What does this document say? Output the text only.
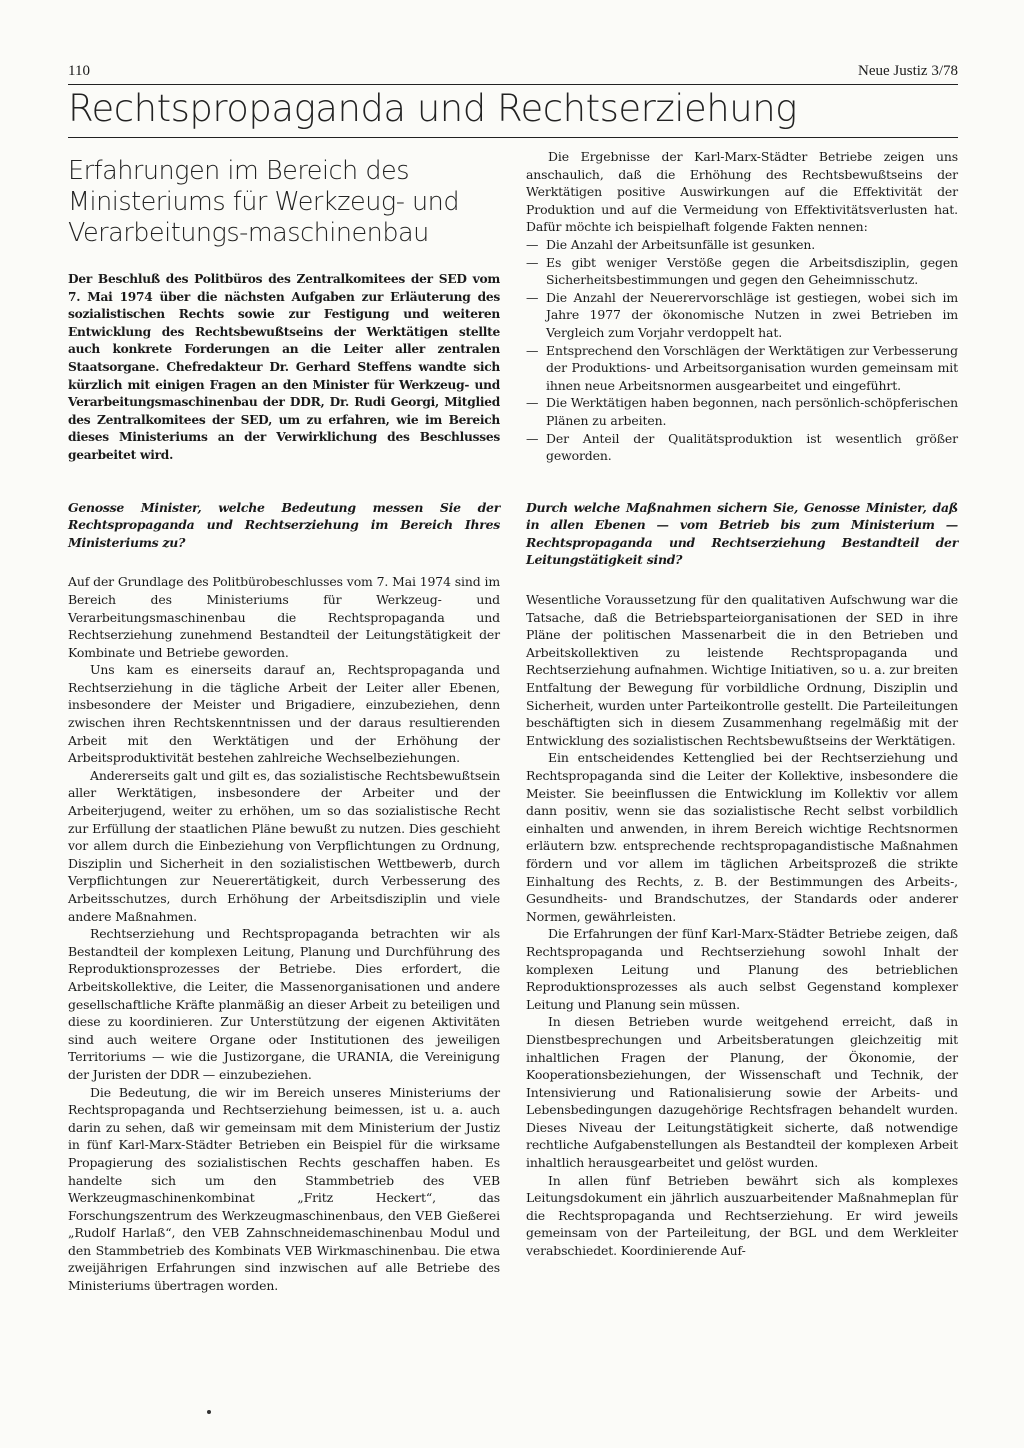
110	Neue Justiz 3/78
Rechtspropaganda und Rechtserziehung
Erfahrungen im Bereich des Ministeriums für Werkzeug- und Verarbeitungs-maschinenbau

Der Beschluß des Politbüros des Zentralkomitees der SED vom 7. Mai 1974 über die nächsten Aufgaben zur Erläuterung des sozialistischen Rechts sowie zur Festigung und weiteren Entwicklung des Rechtsbewußtseins der Werktätigen stellte auch konkrete Forderungen an die Leiter aller zentralen Staatsorgane. Chefredakteur Dr. Gerhard Steffens wandte sich kürzlich mit einigen Fragen an den Minister für Werkzeug- und Verarbeitungsmaschinenbau der DDR, Dr. Rudi Georgi, Mitglied des Zentralkomitees der SED, um zu erfahren, wie im Bereich dieses Ministeriums an der Verwirklichung des Beschlusses gearbeitet wird.

Genosse Minister, welche Bedeutung messen Sie der Rechtspropaganda und Rechtserziehung im Bereich Ihres Ministeriums zu?

Auf der Grundlage des Politbürobeschlusses vom 7. Mai 1974 sind im Bereich des Ministeriums für Werkzeug- und Verarbeitungsmaschinenbau die Rechtspropaganda und Rechtserziehung zunehmend Bestandteil der Leitungstätigkeit der Kombinate und Betriebe geworden.

Uns kam es einerseits darauf an, Rechtspropaganda und Rechtserziehung in die tägliche Arbeit der Leiter aller Ebenen, insbesondere der Meister und Brigadiere, einzubeziehen, denn zwischen ihren Rechtskenntnissen und der daraus resultierenden Arbeit mit den Werktätigen und der Erhöhung der Arbeitsproduktivität bestehen zahlreiche Wechselbeziehungen.

Andererseits galt und gilt es, das sozialistische Rechtsbewußtsein aller Werktätigen, insbesondere der Arbeiter und der Arbeiterjugend, weiter zu erhöhen, um so das sozialistische Recht zur Erfüllung der staatlichen Pläne bewußt zu nutzen. Dies geschieht vor allem durch die Einbeziehung von Verpflichtungen zu Ordnung, Disziplin und Sicherheit in den sozialistischen Wettbewerb, durch Verpflichtungen zur Neuerertätigkeit, durch Verbesserung des Arbeitsschutzes, durch Erhöhung der Arbeitsdisziplin und viele andere Maßnahmen.

Rechtserziehung und Rechtspropaganda betrachten wir als Bestandteil der komplexen Leitung, Planung und Durchführung des Reproduktionsprozesses der Betriebe. Dies erfordert, die Arbeitskollektive, die Leiter, die Massenorganisationen und andere gesellschaftliche Kräfte planmäßig an dieser Arbeit zu beteiligen und diese zu koordinieren. Zur Unterstützung der eigenen Aktivitäten sind auch weitere Organe oder Institutionen des jeweiligen Territoriums — wie die Justizorgane, die URANIA, die Vereinigung der Juristen der DDR — einzubeziehen.

Die Bedeutung, die wir im Bereich unseres Ministeriums der Rechtspropaganda und Rechtserziehung beimessen, ist u. a. auch darin zu sehen, daß wir gemeinsam mit dem Ministerium der Justiz in fünf Karl-Marx-Städter Betrieben ein Beispiel für die wirksame Propagierung des sozialistischen Rechts geschaffen haben. Es handelte sich um den Stammbetrieb des VEB Werkzeugmaschinenkombinat „Fritz Heckert“, das Forschungszentrum des Werkzeugmaschinenbaus, den VEB Gießerei „Rudolf Harlaß“, den VEB Zahnschneidemaschinenbau Modul und den Stammbetrieb des Kombinats VEB Wirkmaschinenbau. Die etwa zweijährigen Erfahrungen sind inzwischen auf alle Betriebe des Ministeriums übertragen worden.

Die Ergebnisse der Karl-Marx-Städter Betriebe zeigen uns anschaulich, daß die Erhöhung des Rechtsbewußtseins der Werktätigen positive Auswirkungen auf die Effektivität der Produktion und auf die Vermeidung von Effektivitätsverlusten hat. Dafür möchte ich beispielhaft folgende Fakten nennen:

— Die Anzahl der Arbeitsunfälle ist gesunken.
— Es gibt weniger Verstöße gegen die Arbeitsdisziplin, gegen Sicherheitsbestimmungen und gegen den Geheimnisschutz.
— Die Anzahl der Neuerervorschläge ist gestiegen, wobei sich im Jahre 1977 der ökonomische Nutzen in zwei Betrieben im Vergleich zum Vorjahr verdoppelt hat.
— Entsprechend den Vorschlägen der Werktätigen zur Verbesserung der Produktions- und Arbeitsorganisation wurden gemeinsam mit ihnen neue Arbeitsnormen ausgearbeitet und eingeführt.
— Die Werktätigen haben begonnen, nach persönlich-schöpferischen Plänen zu arbeiten.
— Der Anteil der Qualitätsproduktion ist wesentlich größer geworden.

Durch welche Maßnahmen sichern Sie, Genosse Minister, daß in allen Ebenen — vom Betrieb bis zum Ministerium — Rechtspropaganda und Rechtserziehung Bestandteil der Leitungstätigkeit sind?

Wesentliche Voraussetzung für den qualitativen Aufschwung war die Tatsache, daß die Betriebsparteiorganisationen der SED in ihre Pläne der politischen Massenarbeit die in den Betrieben und Arbeitskollektiven zu leistende Rechtspropaganda und Rechtserziehung aufnahmen. Wichtige Initiativen, so u. a. zur breiten Entfaltung der Bewegung für vorbildliche Ordnung, Disziplin und Sicherheit, wurden unter Parteikontrolle gestellt. Die Parteileitungen beschäftigten sich in diesem Zusammenhang regelmäßig mit der Entwicklung des sozialistischen Rechtsbewußtseins der Werktätigen.

Ein entscheidendes Kettenglied bei der Rechtserziehung und Rechtspropaganda sind die Leiter der Kollektive, insbesondere die Meister. Sie beeinflussen die Entwicklung im Kollektiv vor allem dann positiv, wenn sie das sozialistische Recht selbst vorbildlich einhalten und anwenden, in ihrem Bereich wichtige Rechtsnormen erläutern bzw. entsprechende rechtspropagandistische Maßnahmen fördern und vor allem im täglichen Arbeitsprozeß die strikte Einhaltung des Rechts, z. B. der Bestimmungen des Arbeits-, Gesundheits- und Brandschutzes, der Standards oder anderer Normen, gewährleisten.

Die Erfahrungen der fünf Karl-Marx-Städter Betriebe zeigen, daß Rechtspropaganda und Rechtserziehung sowohl Inhalt der komplexen Leitung und Planung des betrieblichen Reproduktionsprozesses als auch selbst Gegenstand komplexer Leitung und Planung sein müssen.

In diesen Betrieben wurde weitgehend erreicht, daß in Dienstbesprechungen und Arbeitsberatungen gleichzeitig mit inhaltlichen Fragen der Planung, der Ökonomie, der Kooperationsbeziehungen, der Wissenschaft und Technik, der Intensivierung und Rationalisierung sowie der Arbeits- und Lebensbedingungen dazugehörige Rechtsfragen behandelt wurden. Dieses Niveau der Leitungstätigkeit sicherte, daß notwendige rechtliche Aufgabenstellungen als Bestandteil der komplexen Arbeit inhaltlich herausgearbeitet und gelöst wurden.

In allen fünf Betrieben bewährt sich als komplexes Leitungsdokument ein jährlich auszuarbeitender Maßnahmeplan für die Rechtspropaganda und Rechtserziehung. Er wird jeweils gemeinsam von der Parteileitung, der BGL und dem Werkleiter verabschiedet. Koordinierende Auf-
